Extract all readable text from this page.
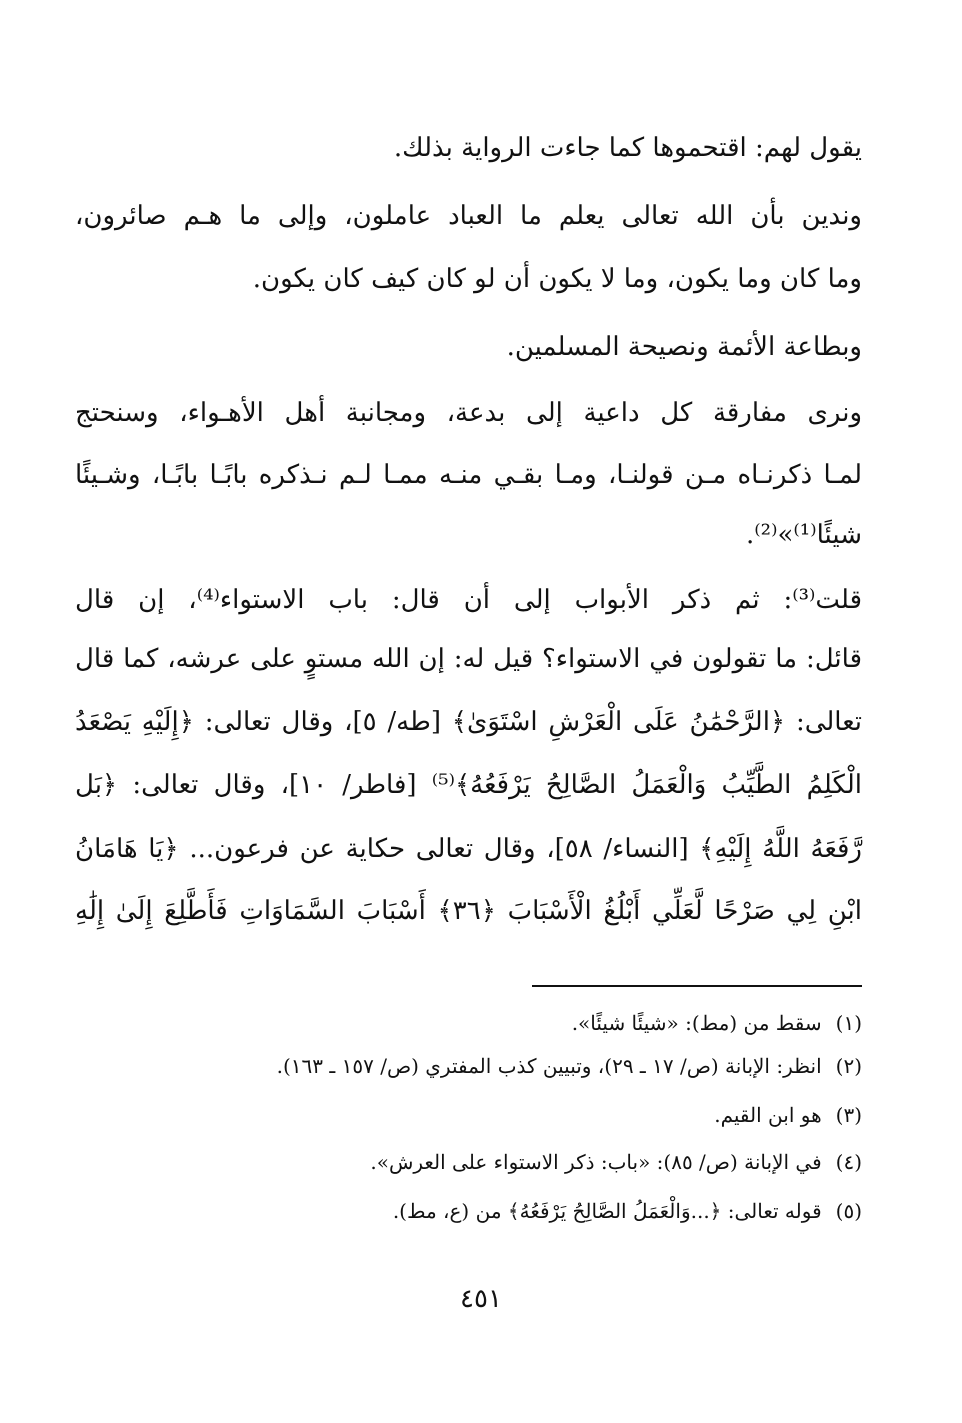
يقول لهم: اقتحموها كما جاءت الرواية بذلك.
وندين بأن الله تعالى يعلم ما العباد عاملون، وإلى ما هـم صائرون،
وما كان وما يكون، وما لا يكون أن لو كان كيف كان يكون.
وبطاعة الأئمة ونصيحة المسلمين.
ونرى مفارقة كل داعية إلى بدعة، ومجانبة أهل الأهـواء، وسنحتج
لمـا ذكرنـاه مـن قولنـا، ومـا بقـي منـه ممـا لـم نـذكره بابًـا بابًـا، وشـيئًا
شيئًا⁽¹⁾»⁽²⁾.
قلت⁽³⁾: ثم ذكر الأبواب إلى أن قال: باب الاستواء⁽⁴⁾، إن قال
قائل: ما تقولون في الاستواء؟ قيل له: إن الله مستوٍ على عرشه، كما قال
تعالى: ﴿الرَّحْمَٰنُ عَلَى الْعَرْشِ اسْتَوَىٰ﴾ [طه/ ٥]، وقال تعالى: ﴿إِلَيْهِ يَصْعَدُ
الْكَلِمُ الطَّيِّبُ وَالْعَمَلُ الصَّالِحُ يَرْفَعُهُ﴾⁽⁵⁾ [فاطر/ ١٠]، وقال تعالى: ﴿بَل
رَّفَعَهُ اللَّهُ إِلَيْهِ﴾ [النساء/ ٥٨]، وقال تعالى حكاية عن فرعون... ﴿يَا هَامَانُ
ابْنِ لِي صَرْحًا لَّعَلِّي أَبْلُغُ الْأَسْبَابَ ﴿٣٦﴾ أَسْبَابَ السَّمَاوَاتِ فَأَطَّلِعَ إِلَىٰ إِلَٰهِ
(١) سقط من (مط): «شيئًا شيئًا».
(٢) انظر: الإبانة (ص/ ١٧ ـ ٢٩)، وتبيين كذب المفتري (ص/ ١٥٧ ـ ١٦٣).
(٣) هو ابن القيم.
(٤) في الإبانة (ص/ ٨٥): «باب: ذكر الاستواء على العرش».
(٥) قوله تعالى: ﴿...وَالْعَمَلُ الصَّالِحُ يَرْفَعُهُ﴾ من (ع، مط).
٤٥١
